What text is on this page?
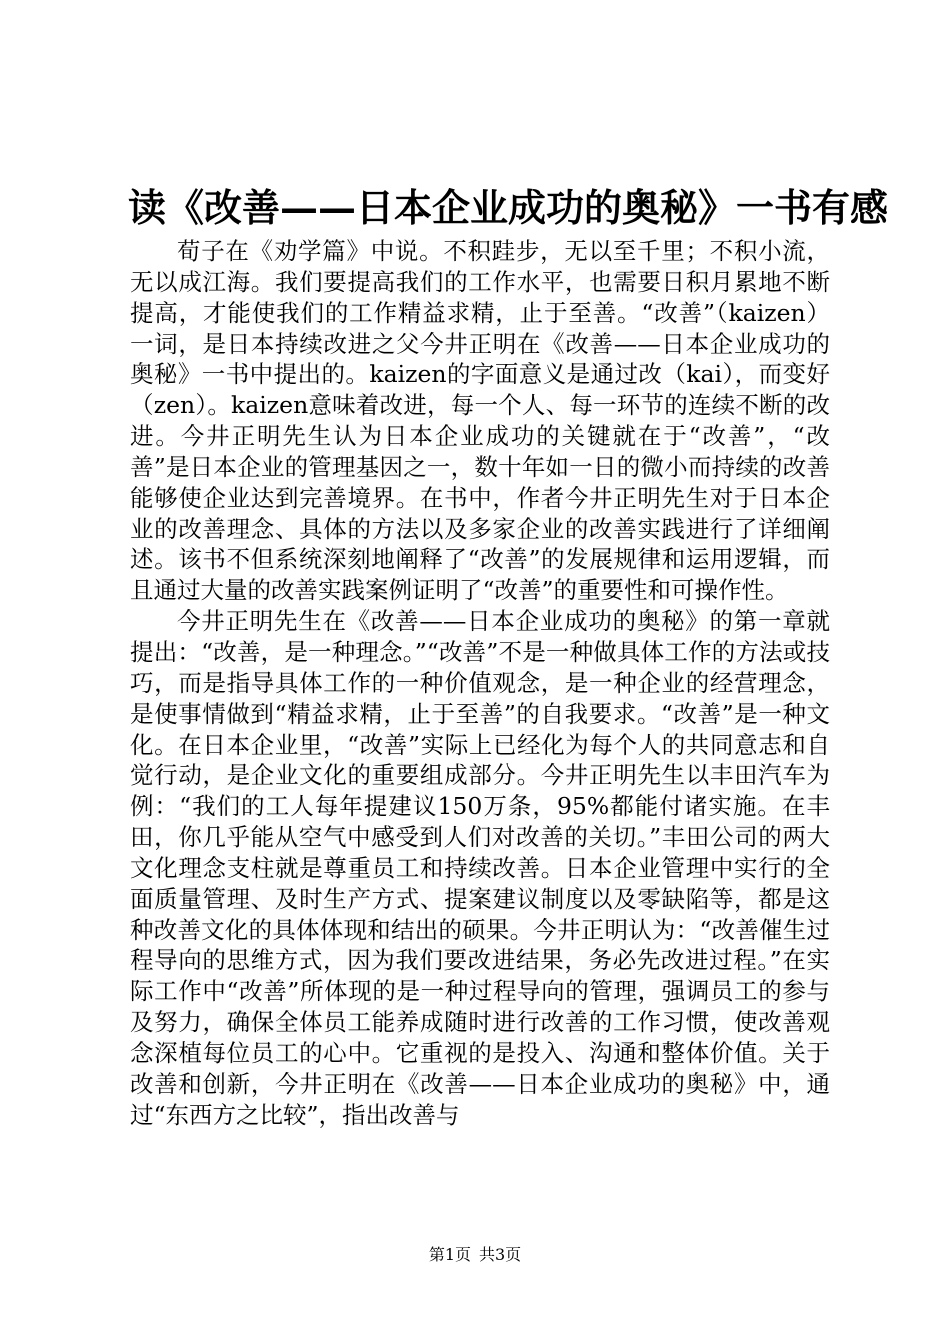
读《改善——日本企业成功的奥秘》一书有感

荀子在《劝学篇》中说。不积跬步，无以至千里；不积小流，无以成江海。我们要提高我们的工作水平，也需要日积月累地不断提高，才能使我们的工作精益求精，止于至善。“改善”（kaizen）一词，是日本持续改进之父今井正明在《改善——日本企业成功的奥秘》一书中提出的。kaizen的字面意义是通过改（kai），而变好（zen）。kaizen意味着改进，每一个人、每一环节的连续不断的改进。今井正明先生认为日本企业成功的关键就在于“改善”，“改善”是日本企业的管理基因之一，数十年如一日的微小而持续的改善能够使企业达到完善境界。在书中，作者今井正明先生对于日本企业的改善理念、具体的方法以及多家企业的改善实践进行了详细阐述。该书不但系统深刻地阐释了“改善”的发展规律和运用逻辑，而且通过大量的改善实践案例证明了“改善”的重要性和可操作性。

今井正明先生在《改善——日本企业成功的奥秘》的第一章就提出：“改善，是一种理念。”“改善”不是一种做具体工作的方法或技巧，而是指导具体工作的一种价值观念，是一种企业的经营理念，是使事情做到“精益求精，止于至善”的自我要求。“改善”是一种文化。在日本企业里，“改善”实际上已经化为每个人的共同意志和自觉行动，是企业文化的重要组成部分。今井正明先生以丰田汽车为例：“我们的工人每年提建议150万条，95%都能付诸实施。在丰田，你几乎能从空气中感受到人们对改善的关切。”丰田公司的两大文化理念支柱就是尊重员工和持续改善。日本企业管理中实行的全面质量管理、及时生产方式、提案建议制度以及零缺陷等，都是这种改善文化的具体体现和结出的硕果。今井正明认为：“改善催生过程导向的思维方式，因为我们要改进结果，务必先改进过程。”在实际工作中“改善”所体现的是一种过程导向的管理，强调员工的参与及努力，确保全体员工能养成随时进行改善的工作习惯，使改善观念深植每位员工的心中。它重视的是投入、沟通和整体价值。关于改善和创新，今井正明在《改善——日本企业成功的奥秘》中，通过“东西方之比较”，指出改善与

第1页 共3页
